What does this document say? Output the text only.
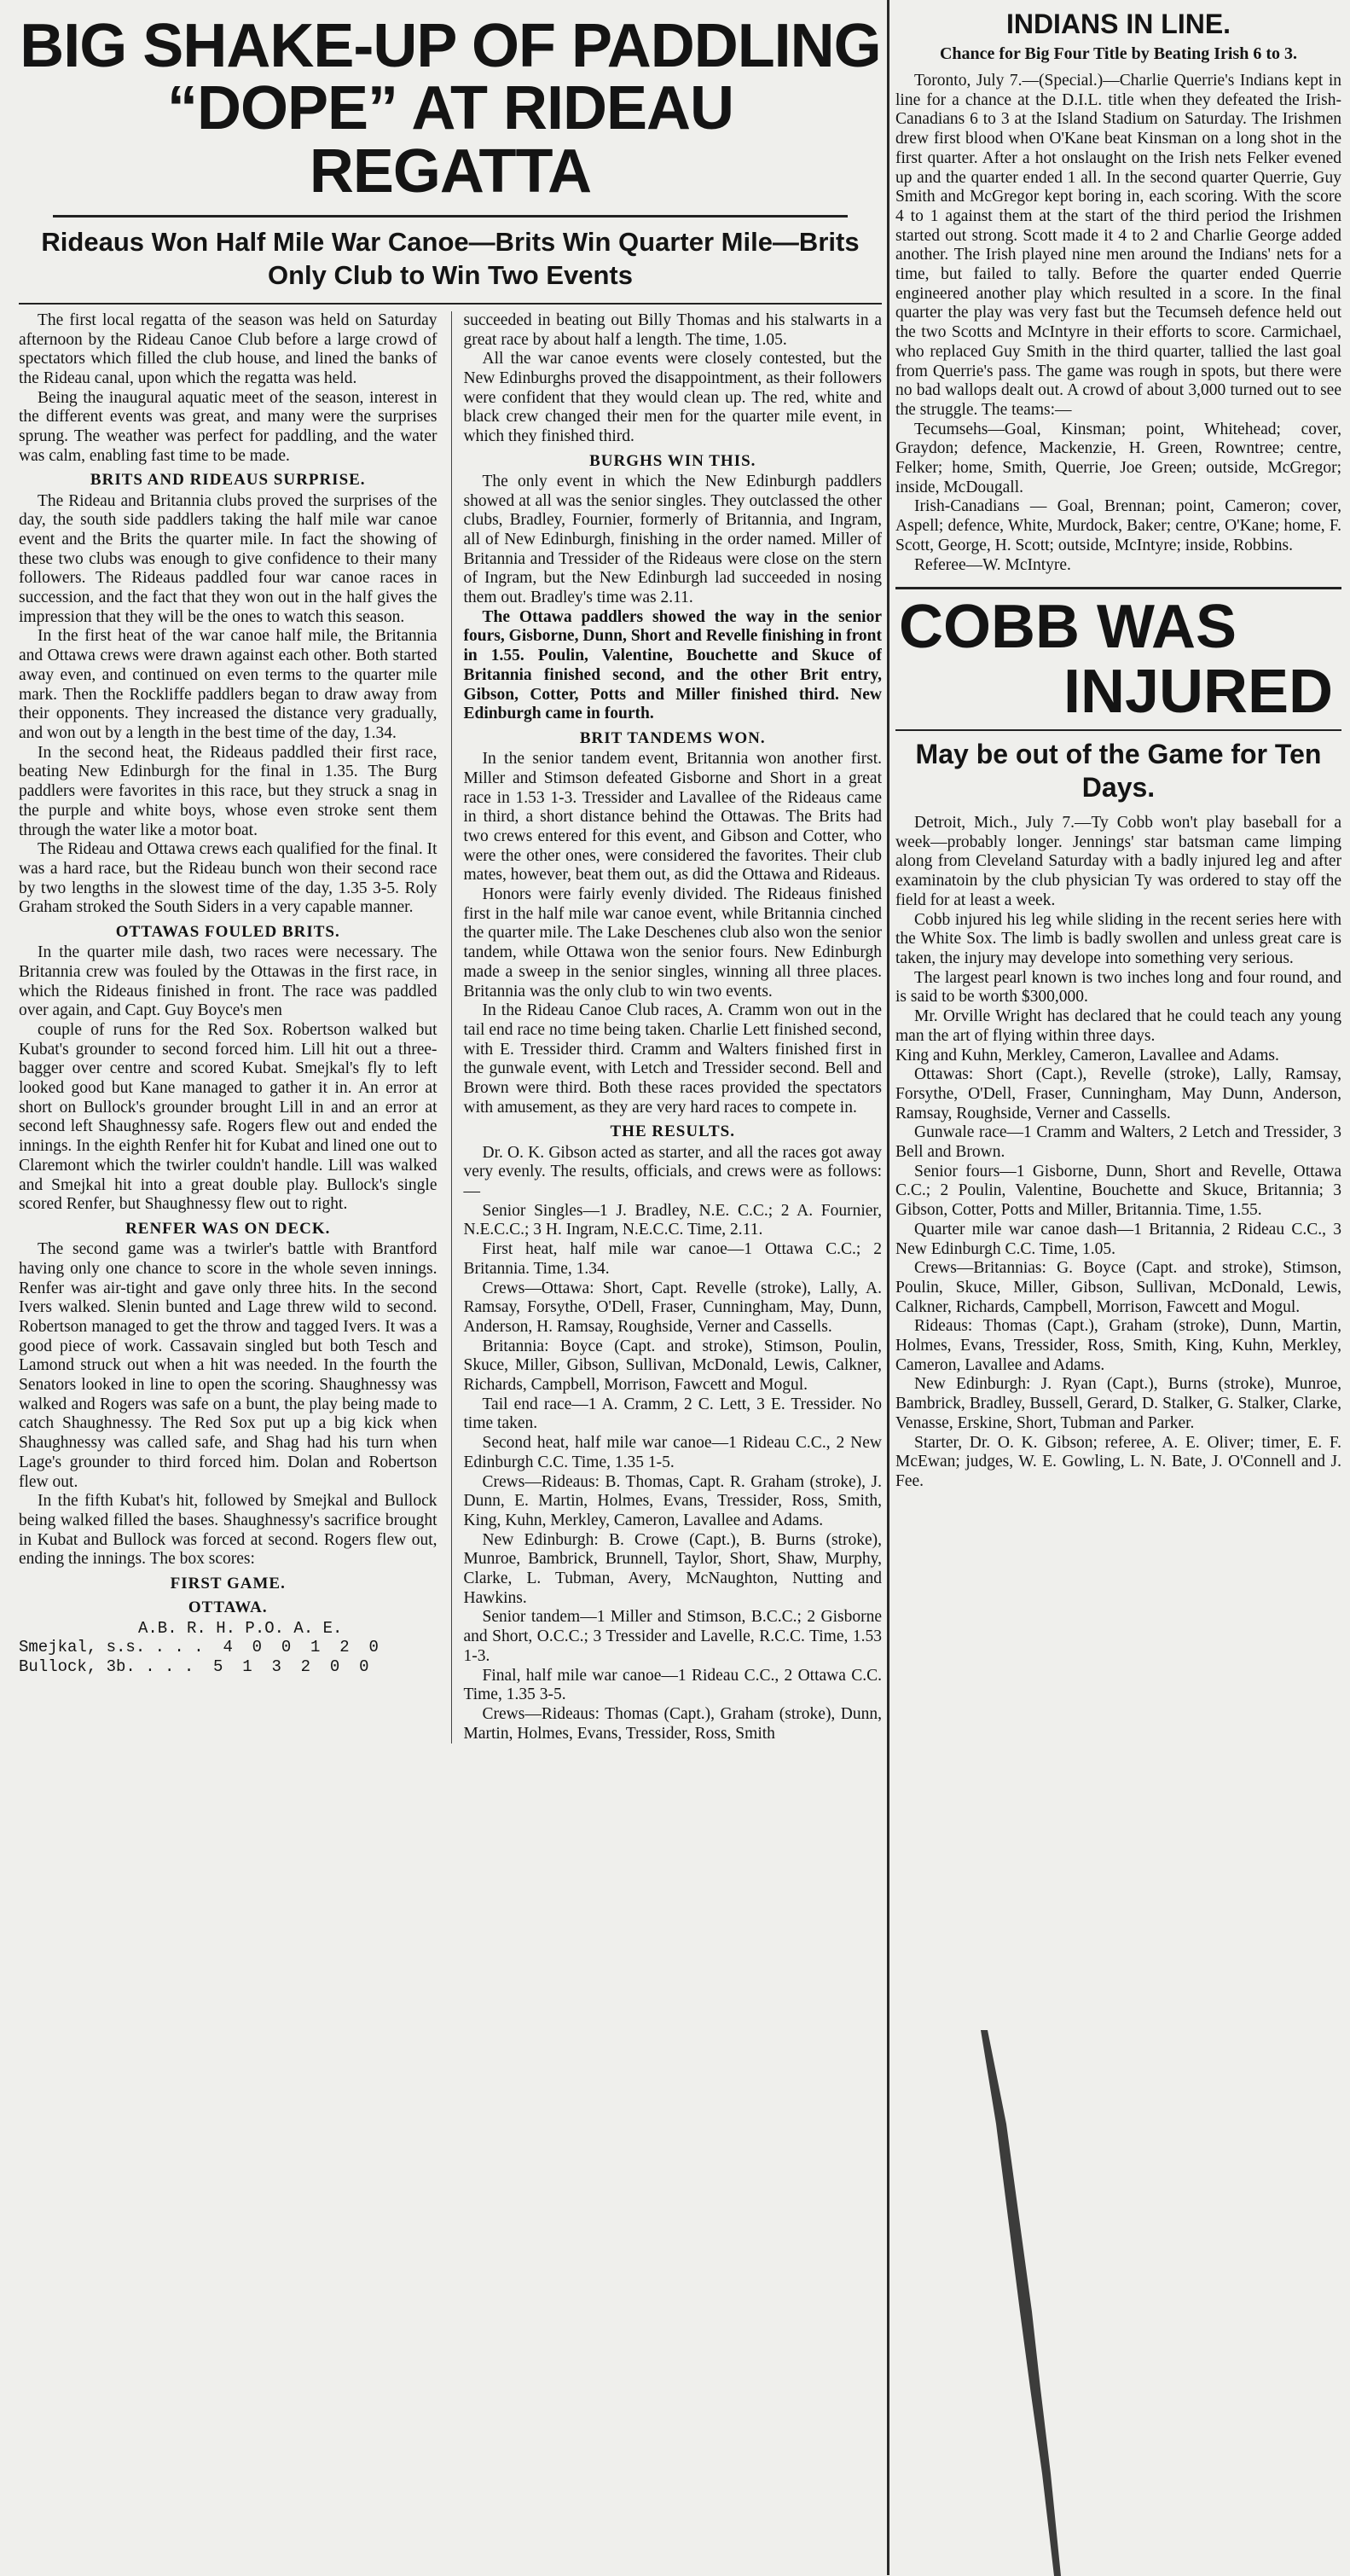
BIG SHAKE-UP OF PADDLING
“DOPE” AT RIDEAU REGATTA
Rideaus Won Half Mile War Canoe—Brits Win Quarter Mile—Brits Only Club to Win Two Events

The first local regatta of the season was held on Saturday afternoon by the Rideau Canoe Club before a large crowd of spectators which filled the club house, and lined the banks of the Rideau canal, upon which the regatta was held.

Being the inaugural aquatic meet of the season, interest in the different events was great, and many were the surprises sprung. The weather was perfect for paddling, and the water was calm, enabling fast time to be made.

BRITS AND RIDEAUS SURPRISE.

The Rideau and Britannia clubs proved the surprises of the day, the south side paddlers taking the half mile war canoe event and the Brits the quarter mile. In fact the showing of these two clubs was enough to give confidence to their many followers. The Rideaus paddled four war canoe races in succession, and the fact that they won out in the half gives the impression that they will be the ones to watch this season.

In the first heat of the war canoe half mile, the Britannia and Ottawa crews were drawn against each other. Both started away even, and continued on even terms to the quarter mile mark. Then the Rockliffe paddlers began to draw away from their opponents. They increased the distance very gradually, and won out by a length in the best time of the day, 1.34.

In the second heat, the Rideaus paddled their first race, beating New Edinburgh for the final in 1.35. The Burg paddlers were favorites in this race, but they struck a snag in the purple and white boys, whose even stroke sent them through the water like a motor boat.

The Rideau and Ottawa crews each qualified for the final. It was a hard race, but the Rideau bunch won their second race by two lengths in the slowest time of the day, 1.35 3-5. Roly Graham stroked the South Siders in a very capable manner.

OTTAWAS FOULED BRITS.

In the quarter mile dash, two races were necessary. The Britannia crew was fouled by the Ottawas in the first race, in which the Rideaus finished in front. The race was paddled over again, and Capt. Guy Boyce's men

couple of runs for the Red Sox. Robertson walked but Kubat's grounder to second forced him. Lill hit out a three-bagger over centre and scored Kubat. Smejkal's fly to left looked good but Kane managed to gather it in. An error at short on Bullock's grounder brought Lill in and an error at second left Shaughnessy safe. Rogers flew out and ended the innings. In the eighth Renfer hit for Kubat and lined one out to Claremont which the twirler couldn't handle. Lill was walked and Smejkal hit into a great double play. Bullock's single scored Renfer, but Shaughnessy flew out to right.

RENFER WAS ON DECK.

The second game was a twirler's battle with Brantford having only one chance to score in the whole seven innings. Renfer was air-tight and gave only three hits. In the second Ivers walked. Slenin bunted and Lage threw wild to second. Robertson managed to get the throw and tagged Ivers. It was a good piece of work. Cassavain singled but both Tesch and Lamond struck out when a hit was needed. In the fourth the Senators looked in line to open the scoring. Shaughnessy was walked and Rogers was safe on a bunt, the play being made to catch Shaughnessy. The Red Sox put up a big kick when Shaughnessy was called safe, and Shag had his turn when Lage's grounder to third forced him. Dolan and Robertson flew out.

In the fifth Kubat's hit, followed by Smejkal and Bullock being walked filled the bases. Shaughnessy's sacrifice brought in Kubat and Bullock was forced at second. Rogers flew out, ending the innings. The box scores:

FIRST GAME.

OTTAWA.

A.B. R. H. P.O. A. E.

Smejkal, s.s. . . .  4  0  0  1  2  0

Bullock, 3b. . . .  5  1  3  2  0  0

succeeded in beating out Billy Thomas and his stalwarts in a great race by about half a length. The time, 1.05.

All the war canoe events were closely contested, but the New Edinburghs proved the disappointment, as their followers were confident that they would clean up. The red, white and black crew changed their men for the quarter mile event, in which they finished third.

BURGHS WIN THIS.

The only event in which the New Edinburgh paddlers showed at all was the senior singles. They outclassed the other clubs, Bradley, Fournier, formerly of Britannia, and Ingram, all of New Edinburgh, finishing in the order named. Miller of Britannia and Tressider of the Rideaus were close on the stern of Ingram, but the New Edinburgh lad succeeded in nosing them out. Bradley's time was 2.11.

The Ottawa paddlers showed the way in the senior fours, Gisborne, Dunn, Short and Revelle finishing in front in 1.55. Poulin, Valentine, Bouchette and Skuce of Britannia finished second, and the other Brit entry, Gibson, Cotter, Potts and Miller finished third. New Edinburgh came in fourth.

BRIT TANDEMS WON.

In the senior tandem event, Britannia won another first. Miller and Stimson defeated Gisborne and Short in a great race in 1.53 1-3. Tressider and Lavallee of the Rideaus came in third, a short distance behind the Ottawas. The Brits had two crews entered for this event, and Gibson and Cotter, who were the other ones, were considered the favorites. Their club mates, however, beat them out, as did the Ottawa and Rideaus.

Honors were fairly evenly divided. The Rideaus finished first in the half mile war canoe event, while Britannia cinched the quarter mile. The Lake Deschenes club also won the senior tandem, while Ottawa won the senior fours. New Edinburgh made a sweep in the senior singles, winning all three places. Britannia was the only club to win two events.

In the Rideau Canoe Club races, A. Cramm won out in the tail end race no time being taken. Charlie Lett finished second, with E. Tressider third. Cramm and Walters finished first in the gunwale event, with Letch and Tressider second. Bell and Brown were third. Both these races provided the spectators with amusement, as they are very hard races to compete in.

THE RESULTS.

Dr. O. K. Gibson acted as starter, and all the races got away very evenly. The results, officials, and crews were as follows:—

Senior Singles—1 J. Bradley, N.E. C.C.; 2 A. Fournier, N.E.C.C.; 3 H. Ingram, N.E.C.C. Time, 2.11.

First heat, half mile war canoe—1 Ottawa C.C.; 2 Britannia. Time, 1.34.

Crews—Ottawa: Short, Capt. Revelle (stroke), Lally, A. Ramsay, Forsythe, O'Dell, Fraser, Cunningham, May, Dunn, Anderson, H. Ramsay, Roughside, Verner and Cassells.

Britannia: Boyce (Capt. and stroke), Stimson, Poulin, Skuce, Miller, Gibson, Sullivan, McDonald, Lewis, Calkner, Richards, Campbell, Morrison, Fawcett and Mogul.

Tail end race—1 A. Cramm, 2 C. Lett, 3 E. Tressider. No time taken.

Second heat, half mile war canoe—1 Rideau C.C., 2 New Edinburgh C.C. Time, 1.35 1-5.

Crews—Rideaus: B. Thomas, Capt. R. Graham (stroke), J. Dunn, E. Martin, Holmes, Evans, Tressider, Ross, Smith, King, Kuhn, Merkley, Cameron, Lavallee and Adams.

New Edinburgh: B. Crowe (Capt.), B. Burns (stroke), Munroe, Bambrick, Brunnell, Taylor, Short, Shaw, Murphy, Clarke, L. Tubman, Avery, McNaughton, Nutting and Hawkins.

Senior tandem—1 Miller and Stimson, B.C.C.; 2 Gisborne and Short, O.C.C.; 3 Tressider and Lavelle, R.C.C. Time, 1.53 1-3.

Final, half mile war canoe—1 Rideau C.C., 2 Ottawa C.C. Time, 1.35 3-5.

Crews—Rideaus: Thomas (Capt.), Graham (stroke), Dunn, Martin, Holmes, Evans, Tressider, Ross, Smith

INDIANS IN LINE.
Chance for Big Four Title by Beating Irish 6 to 3.

Toronto, July 7.—(Special.)—Charlie Querrie's Indians kept in line for a chance at the D.I.L. title when they defeated the Irish-Canadians 6 to 3 at the Island Stadium on Saturday. The Irishmen drew first blood when O'Kane beat Kinsman on a long shot in the first quarter. After a hot onslaught on the Irish nets Felker evened up and the quarter ended 1 all. In the second quarter Querrie, Guy Smith and McGregor kept boring in, each scoring. With the score 4 to 1 against them at the start of the third period the Irishmen started out strong. Scott made it 4 to 2 and Charlie George added another. The Irish played nine men around the Indians' nets for a time, but failed to tally. Before the quarter ended Querrie engineered another play which resulted in a score. In the final quarter the play was very fast but the Tecumseh defence held out the two Scotts and McIntyre in their efforts to score. Carmichael, who replaced Guy Smith in the third quarter, tallied the last goal from Querrie's pass. The game was rough in spots, but there were no bad wallops dealt out. A crowd of about 3,000 turned out to see the struggle. The teams:—

Tecumsehs—Goal, Kinsman; point, Whitehead; cover, Graydon; defence, Mackenzie, H. Green, Rowntree; centre, Felker; home, Smith, Querrie, Joe Green; outside, McGregor; inside, McDougall.

Irish-Canadians — Goal, Brennan; point, Cameron; cover, Aspell; defence, White, Murdock, Baker; centre, O'Kane; home, F. Scott, George, H. Scott; outside, McIntyre; inside, Robbins.

Referee—W. McIntyre.

COBB WAS
INJURED
May be out of the Game for Ten Days.

Detroit, Mich., July 7.—Ty Cobb won't play baseball for a week—probably longer. Jennings' star batsman came limping along from Cleveland Saturday with a badly injured leg and after examinatoin by the club physician Ty was ordered to stay off the field for at least a week.

Cobb injured his leg while sliding in the recent series here with the White Sox. The limb is badly swollen and unless great care is taken, the injury may develope into something very serious.

The largest pearl known is two inches long and four round, and is said to be worth $300,000.

Mr. Orville Wright has declared that he could teach any young man the art of flying within three days.

King and Kuhn, Merkley, Cameron, Lavallee and Adams.

Ottawas: Short (Capt.), Revelle (stroke), Lally, Ramsay, Forsythe, O'Dell, Fraser, Cunningham, May Dunn, Anderson, Ramsay, Roughside, Verner and Cassells.

Gunwale race—1 Cramm and Walters, 2 Letch and Tressider, 3 Bell and Brown.

Senior fours—1 Gisborne, Dunn, Short and Revelle, Ottawa C.C.; 2 Poulin, Valentine, Bouchette and Skuce, Britannia; 3 Gibson, Cotter, Potts and Miller, Britannia. Time, 1.55.

Quarter mile war canoe dash—1 Britannia, 2 Rideau C.C., 3 New Edinburgh C.C. Time, 1.05.

Crews—Britannias: G. Boyce (Capt. and stroke), Stimson, Poulin, Skuce, Miller, Gibson, Sullivan, McDonald, Lewis, Calkner, Richards, Campbell, Morrison, Fawcett and Mogul.

Rideaus: Thomas (Capt.), Graham (stroke), Dunn, Martin, Holmes, Evans, Tressider, Ross, Smith, King, Kuhn, Merkley, Cameron, Lavallee and Adams.

New Edinburgh: J. Ryan (Capt.), Burns (stroke), Munroe, Bambrick, Bradley, Bussell, Gerard, D. Stalker, G. Stalker, Clarke, Venasse, Erskine, Short, Tubman and Parker.

Starter, Dr. O. K. Gibson; referee, A. E. Oliver; timer, E. F. McEwan; judges, W. E. Gowling, L. N. Bate, J. O'Connell and J. Fee.
